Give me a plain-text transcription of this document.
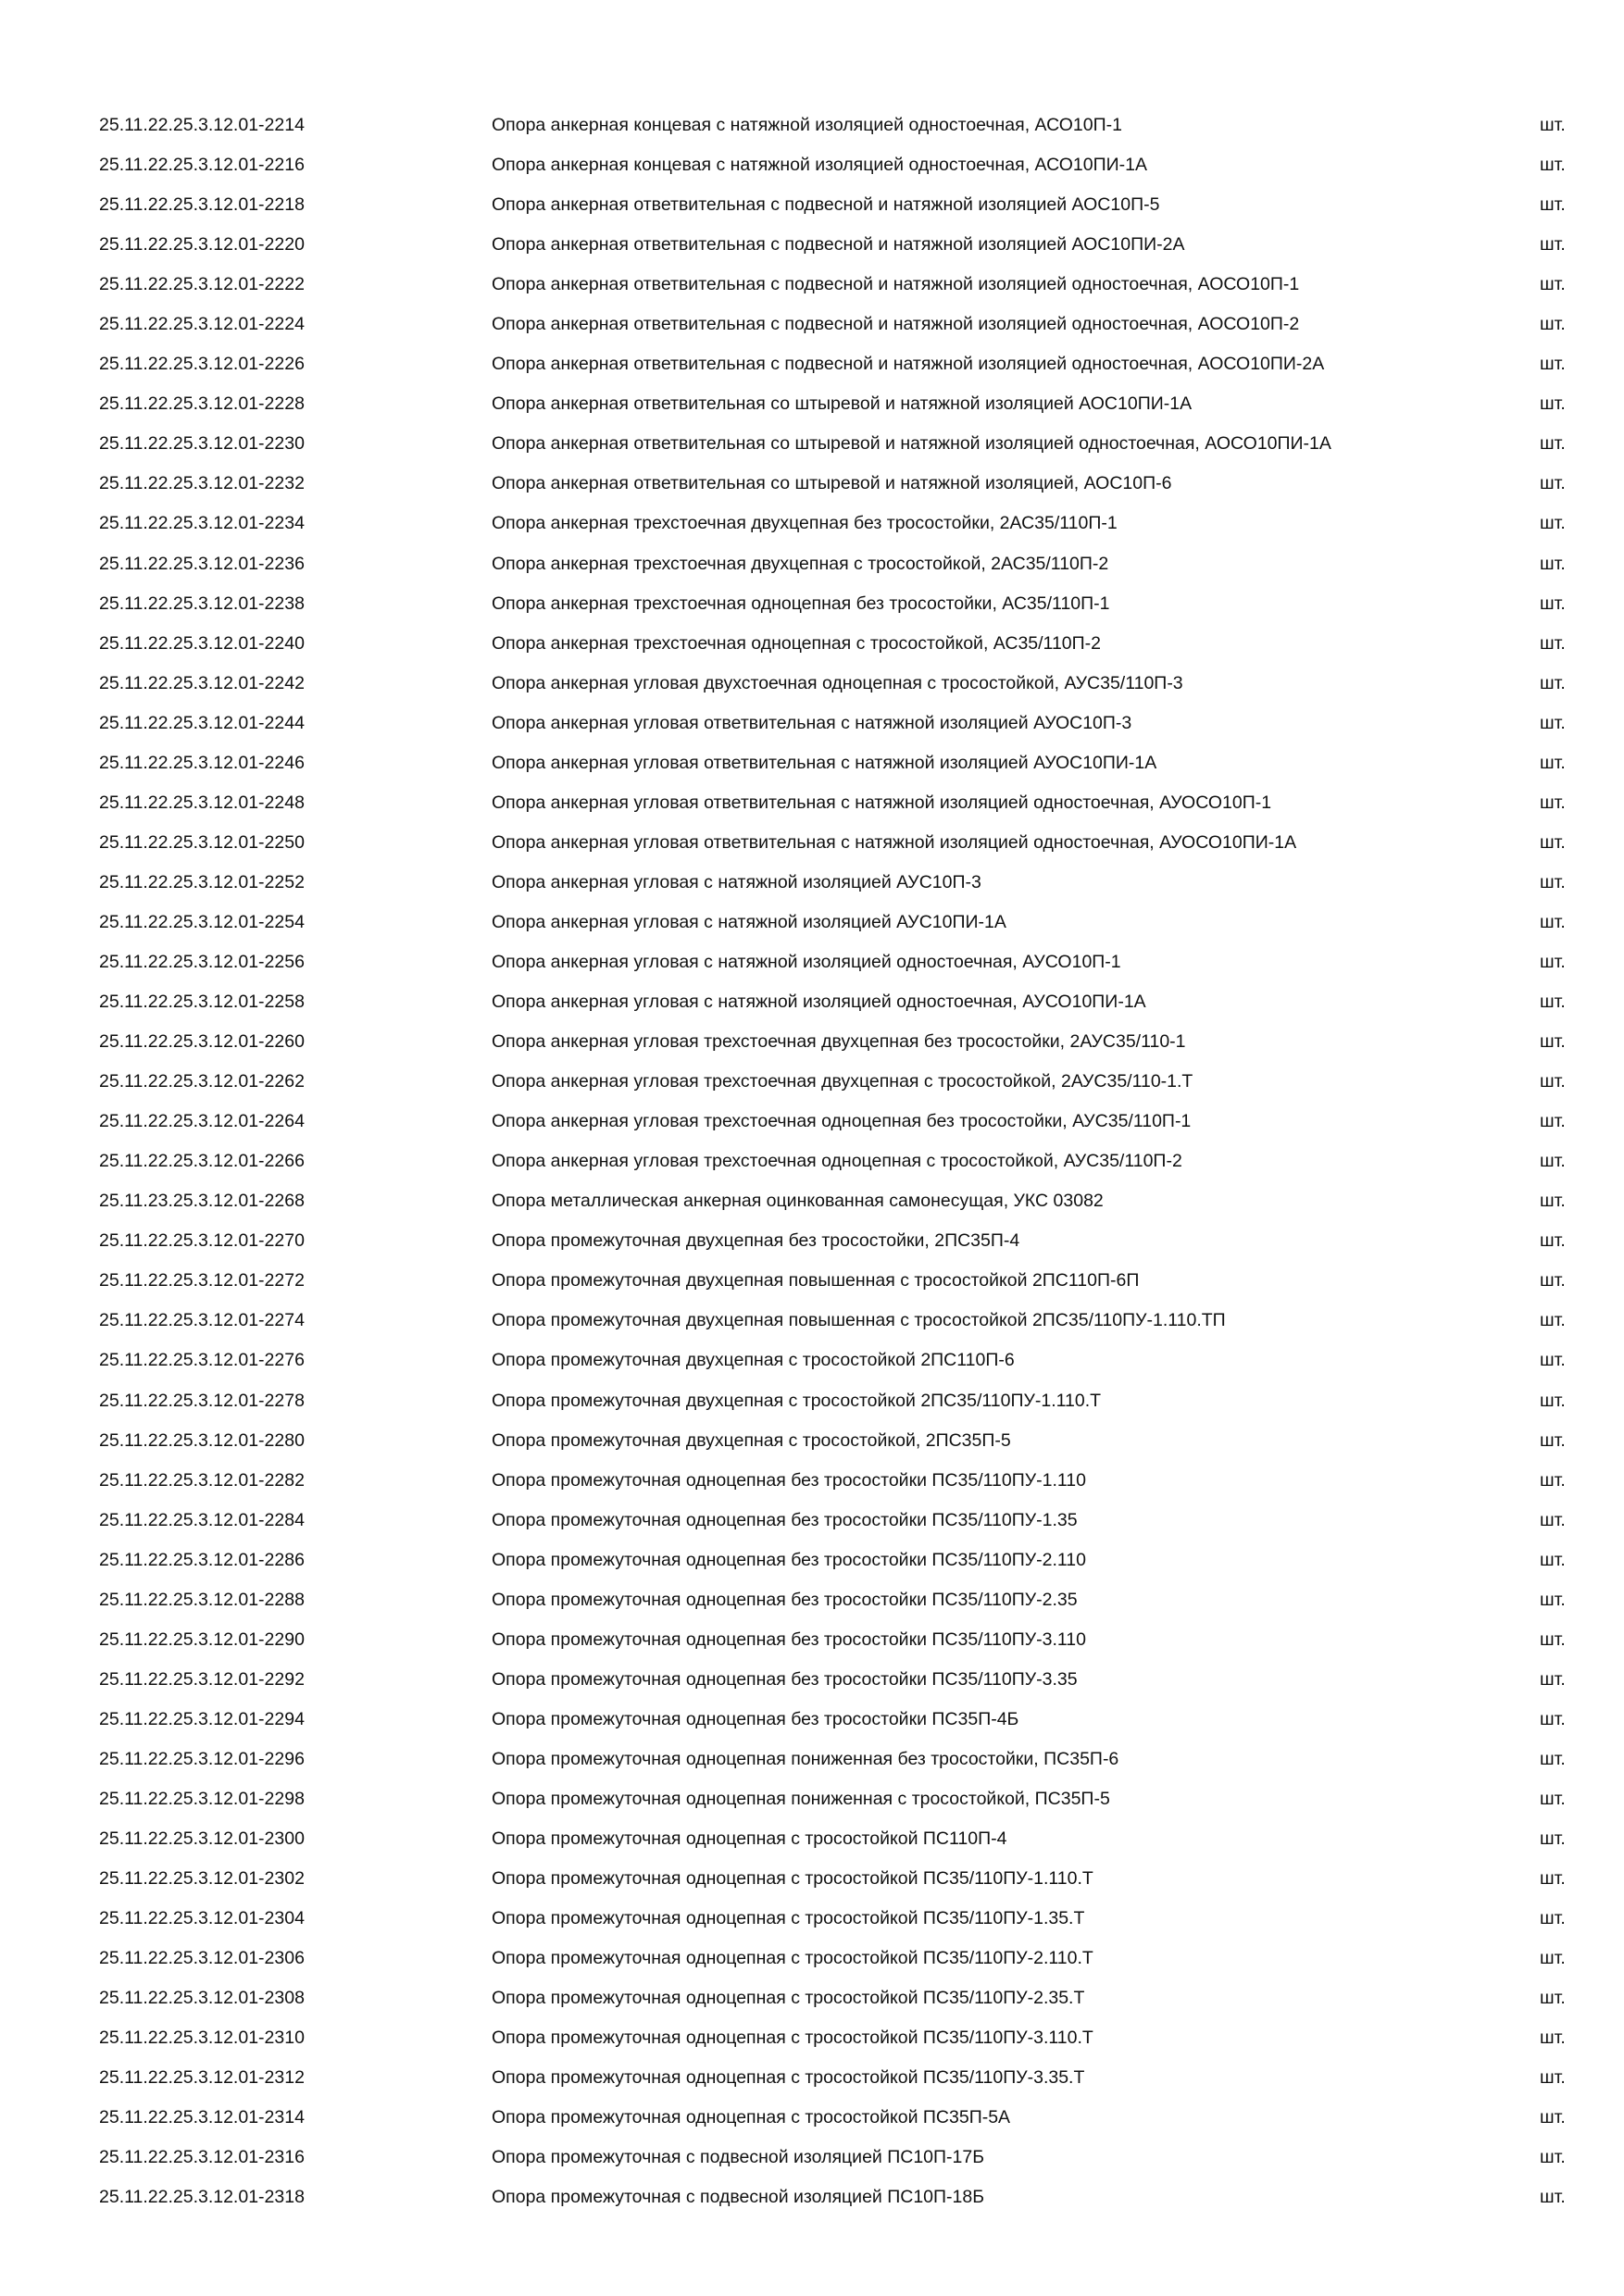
25.11.22.25.3.12.01-2214	Опора анкерная концевая с натяжной изоляцией одностоечная, АСО10П-1	шт.
25.11.22.25.3.12.01-2216	Опора анкерная концевая с натяжной изоляцией одностоечная, АСО10ПИ-1А	шт.
25.11.22.25.3.12.01-2218	Опора анкерная ответвительная с подвесной и натяжной изоляцией АОС10П-5	шт.
25.11.22.25.3.12.01-2220	Опора анкерная ответвительная с подвесной и натяжной изоляцией АОС10ПИ-2А	шт.
25.11.22.25.3.12.01-2222	Опора анкерная ответвительная с подвесной и натяжной изоляцией одностоечная, АОСО10П-1	шт.
25.11.22.25.3.12.01-2224	Опора анкерная ответвительная с подвесной и натяжной изоляцией одностоечная, АОСО10П-2	шт.
25.11.22.25.3.12.01-2226	Опора анкерная ответвительная с подвесной и натяжной изоляцией одностоечная, АОСО10ПИ-2А	шт.
25.11.22.25.3.12.01-2228	Опора анкерная ответвительная со штыревой и натяжной изоляцией АОС10ПИ-1А	шт.
25.11.22.25.3.12.01-2230	Опора анкерная ответвительная со штыревой и натяжной изоляцией одностоечная, АОСО10ПИ-1А	шт.
25.11.22.25.3.12.01-2232	Опора анкерная ответвительная со штыревой и натяжной изоляцией, АОС10П-6	шт.
25.11.22.25.3.12.01-2234	Опора анкерная трехстоечная двухцепная без тросостойки, 2АС35/110П-1	шт.
25.11.22.25.3.12.01-2236	Опора анкерная трехстоечная двухцепная с тросостойкой, 2АС35/110П-2	шт.
25.11.22.25.3.12.01-2238	Опора анкерная трехстоечная одноцепная без тросостойки, АС35/110П-1	шт.
25.11.22.25.3.12.01-2240	Опора анкерная трехстоечная одноцепная с тросостойкой, АС35/110П-2	шт.
25.11.22.25.3.12.01-2242	Опора анкерная угловая двухстоечная одноцепная с тросостойкой, АУС35/110П-3	шт.
25.11.22.25.3.12.01-2244	Опора анкерная угловая ответвительная с натяжной изоляцией АУОС10П-3	шт.
25.11.22.25.3.12.01-2246	Опора анкерная угловая ответвительная с натяжной изоляцией АУОС10ПИ-1А	шт.
25.11.22.25.3.12.01-2248	Опора анкерная угловая ответвительная с натяжной изоляцией одностоечная, АУОСО10П-1	шт.
25.11.22.25.3.12.01-2250	Опора анкерная угловая ответвительная с натяжной изоляцией одностоечная, АУОСО10ПИ-1А	шт.
25.11.22.25.3.12.01-2252	Опора анкерная угловая с натяжной изоляцией АУС10П-3	шт.
25.11.22.25.3.12.01-2254	Опора анкерная угловая с натяжной изоляцией АУС10ПИ-1А	шт.
25.11.22.25.3.12.01-2256	Опора анкерная угловая с натяжной изоляцией одностоечная, АУСО10П-1	шт.
25.11.22.25.3.12.01-2258	Опора анкерная угловая с натяжной изоляцией одностоечная, АУСО10ПИ-1А	шт.
25.11.22.25.3.12.01-2260	Опора анкерная угловая трехстоечная двухцепная без тросостойки, 2АУС35/110-1	шт.
25.11.22.25.3.12.01-2262	Опора анкерная угловая трехстоечная двухцепная с тросостойкой, 2АУС35/110-1.Т	шт.
25.11.22.25.3.12.01-2264	Опора анкерная угловая трехстоечная одноцепная без тросостойки, АУС35/110П-1	шт.
25.11.22.25.3.12.01-2266	Опора анкерная угловая трехстоечная одноцепная с тросостойкой, АУС35/110П-2	шт.
25.11.23.25.3.12.01-2268	Опора металлическая анкерная оцинкованная самонесущая, УКС 03082	шт.
25.11.22.25.3.12.01-2270	Опора промежуточная двухцепная без тросостойки, 2ПС35П-4	шт.
25.11.22.25.3.12.01-2272	Опора промежуточная двухцепная повышенная с тросостойкой 2ПС110П-6П	шт.
25.11.22.25.3.12.01-2274	Опора промежуточная двухцепная повышенная с тросостойкой 2ПС35/110ПУ-1.110.ТП	шт.
25.11.22.25.3.12.01-2276	Опора промежуточная двухцепная с тросостойкой 2ПС110П-6	шт.
25.11.22.25.3.12.01-2278	Опора промежуточная двухцепная с тросостойкой 2ПС35/110ПУ-1.110.Т	шт.
25.11.22.25.3.12.01-2280	Опора промежуточная двухцепная с тросостойкой, 2ПС35П-5	шт.
25.11.22.25.3.12.01-2282	Опора промежуточная одноцепная без тросостойки ПС35/110ПУ-1.110	шт.
25.11.22.25.3.12.01-2284	Опора промежуточная одноцепная без тросостойки ПС35/110ПУ-1.35	шт.
25.11.22.25.3.12.01-2286	Опора промежуточная одноцепная без тросостойки ПС35/110ПУ-2.110	шт.
25.11.22.25.3.12.01-2288	Опора промежуточная одноцепная без тросостойки ПС35/110ПУ-2.35	шт.
25.11.22.25.3.12.01-2290	Опора промежуточная одноцепная без тросостойки ПС35/110ПУ-3.110	шт.
25.11.22.25.3.12.01-2292	Опора промежуточная одноцепная без тросостойки ПС35/110ПУ-3.35	шт.
25.11.22.25.3.12.01-2294	Опора промежуточная одноцепная без тросостойки ПС35П-4Б	шт.
25.11.22.25.3.12.01-2296	Опора промежуточная одноцепная пониженная без тросостойки, ПС35П-6	шт.
25.11.22.25.3.12.01-2298	Опора промежуточная одноцепная пониженная с тросостойкой, ПС35П-5	шт.
25.11.22.25.3.12.01-2300	Опора промежуточная одноцепная с тросостойкой ПС110П-4	шт.
25.11.22.25.3.12.01-2302	Опора промежуточная одноцепная с тросостойкой ПС35/110ПУ-1.110.Т	шт.
25.11.22.25.3.12.01-2304	Опора промежуточная одноцепная с тросостойкой ПС35/110ПУ-1.35.Т	шт.
25.11.22.25.3.12.01-2306	Опора промежуточная одноцепная с тросостойкой ПС35/110ПУ-2.110.Т	шт.
25.11.22.25.3.12.01-2308	Опора промежуточная одноцепная с тросостойкой ПС35/110ПУ-2.35.Т	шт.
25.11.22.25.3.12.01-2310	Опора промежуточная одноцепная с тросостойкой ПС35/110ПУ-3.110.Т	шт.
25.11.22.25.3.12.01-2312	Опора промежуточная одноцепная с тросостойкой ПС35/110ПУ-3.35.Т	шт.
25.11.22.25.3.12.01-2314	Опора промежуточная одноцепная с тросостойкой ПС35П-5А	шт.
25.11.22.25.3.12.01-2316	Опора промежуточная с подвесной изоляцией ПС10П-17Б	шт.
25.11.22.25.3.12.01-2318	Опора промежуточная с подвесной изоляцией ПС10П-18Б	шт.
